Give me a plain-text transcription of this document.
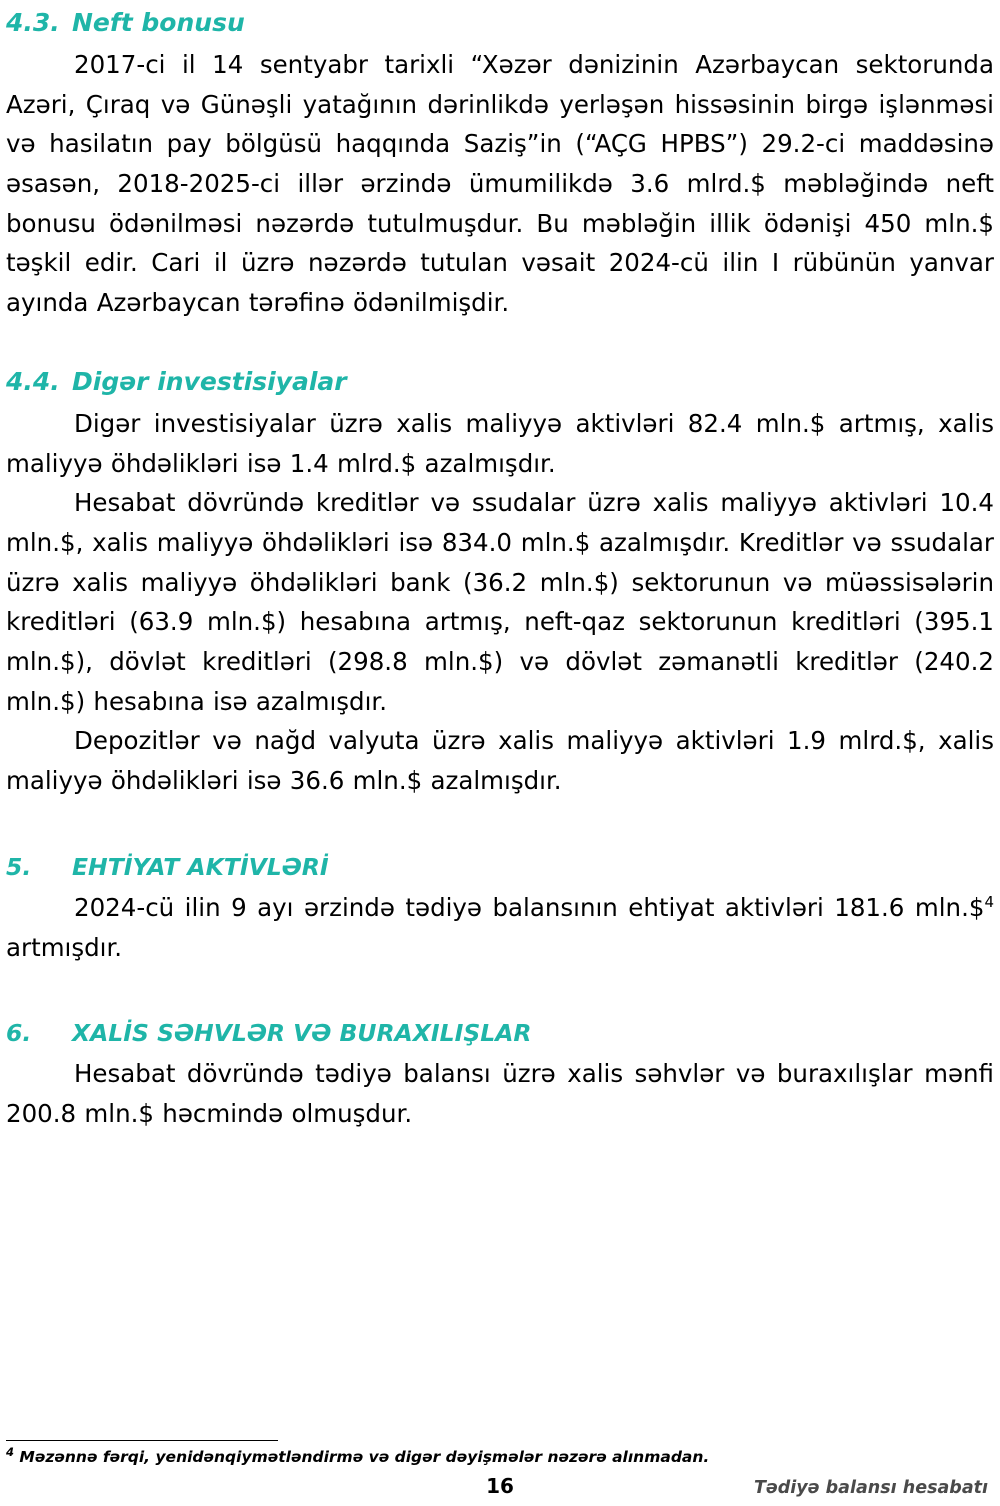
4.3. Neft bonusu

2017-ci il 14 sentyabr tarixli “Xəzər dənizinin Azərbaycan sektorunda Azəri, Çıraq və Günəşli yatağının dərinlikdə yerləşən hissəsinin birgə işlənməsi və hasilatın pay bölgüsü haqqında Saziş”in (“AÇG HPBS”) 29.2-ci maddəsinə əsasən, 2018-2025-ci illər ərzində ümumilikdə 3.6 mlrd.$ məbləğində neft bonusu ödənilməsi nəzərdə tutulmuşdur. Bu məbləğin illik ödənişi 450 mln.$ təşkil edir. Cari il üzrə nəzərdə tutulan vəsait 2024-cü ilin I rübünün yanvar ayında Azərbaycan tərəfinə ödənilmişdir.

4.4. Digər investisiyalar

Digər investisiyalar üzrə xalis maliyyə aktivləri 82.4 mln.$ artmış, xalis maliyyə öhdəlikləri isə 1.4 mlrd.$ azalmışdır.

Hesabat dövründə kreditlər və ssudalar üzrə xalis maliyyə aktivləri 10.4 mln.$, xalis maliyyə öhdəlikləri isə 834.0 mln.$ azalmışdır. Kreditlər və ssudalar üzrə xalis maliyyə öhdəlikləri bank (36.2 mln.$) sektorunun və müəssisələrin kreditləri (63.9 mln.$) hesabına artmış, neft-qaz sektorunun kreditləri (395.1 mln.$), dövlət kreditləri (298.8 mln.$) və dövlət zəmanətli kreditlər (240.2 mln.$) hesabına isə azalmışdır.

Depozitlər və nağd valyuta üzrə xalis maliyyə aktivləri 1.9 mlrd.$, xalis maliyyə öhdəlikləri isə 36.6 mln.$ azalmışdır.

5.	EHTİYAT AKTİVLƏRİ

2024-cü ilin 9 ayı ərzində tədiyə balansının ehtiyat aktivləri 181.6 mln.\$$^4$ artmışdır.

6.	XALİS SƏHVLƏR VƏ BURAXILIŞLAR

Hesabat dövründə tədiyə balansı üzrə xalis səhvlər və buraxılışlar mənfi 200.8 mln.$ həcmində olmuşdur.

$^4$ Məzənnə fərqi, yenidənqiymətləndirmə və digər dəyişmələr nəzərə alınmadan.

16	Tədiyə balansı hesabatı
